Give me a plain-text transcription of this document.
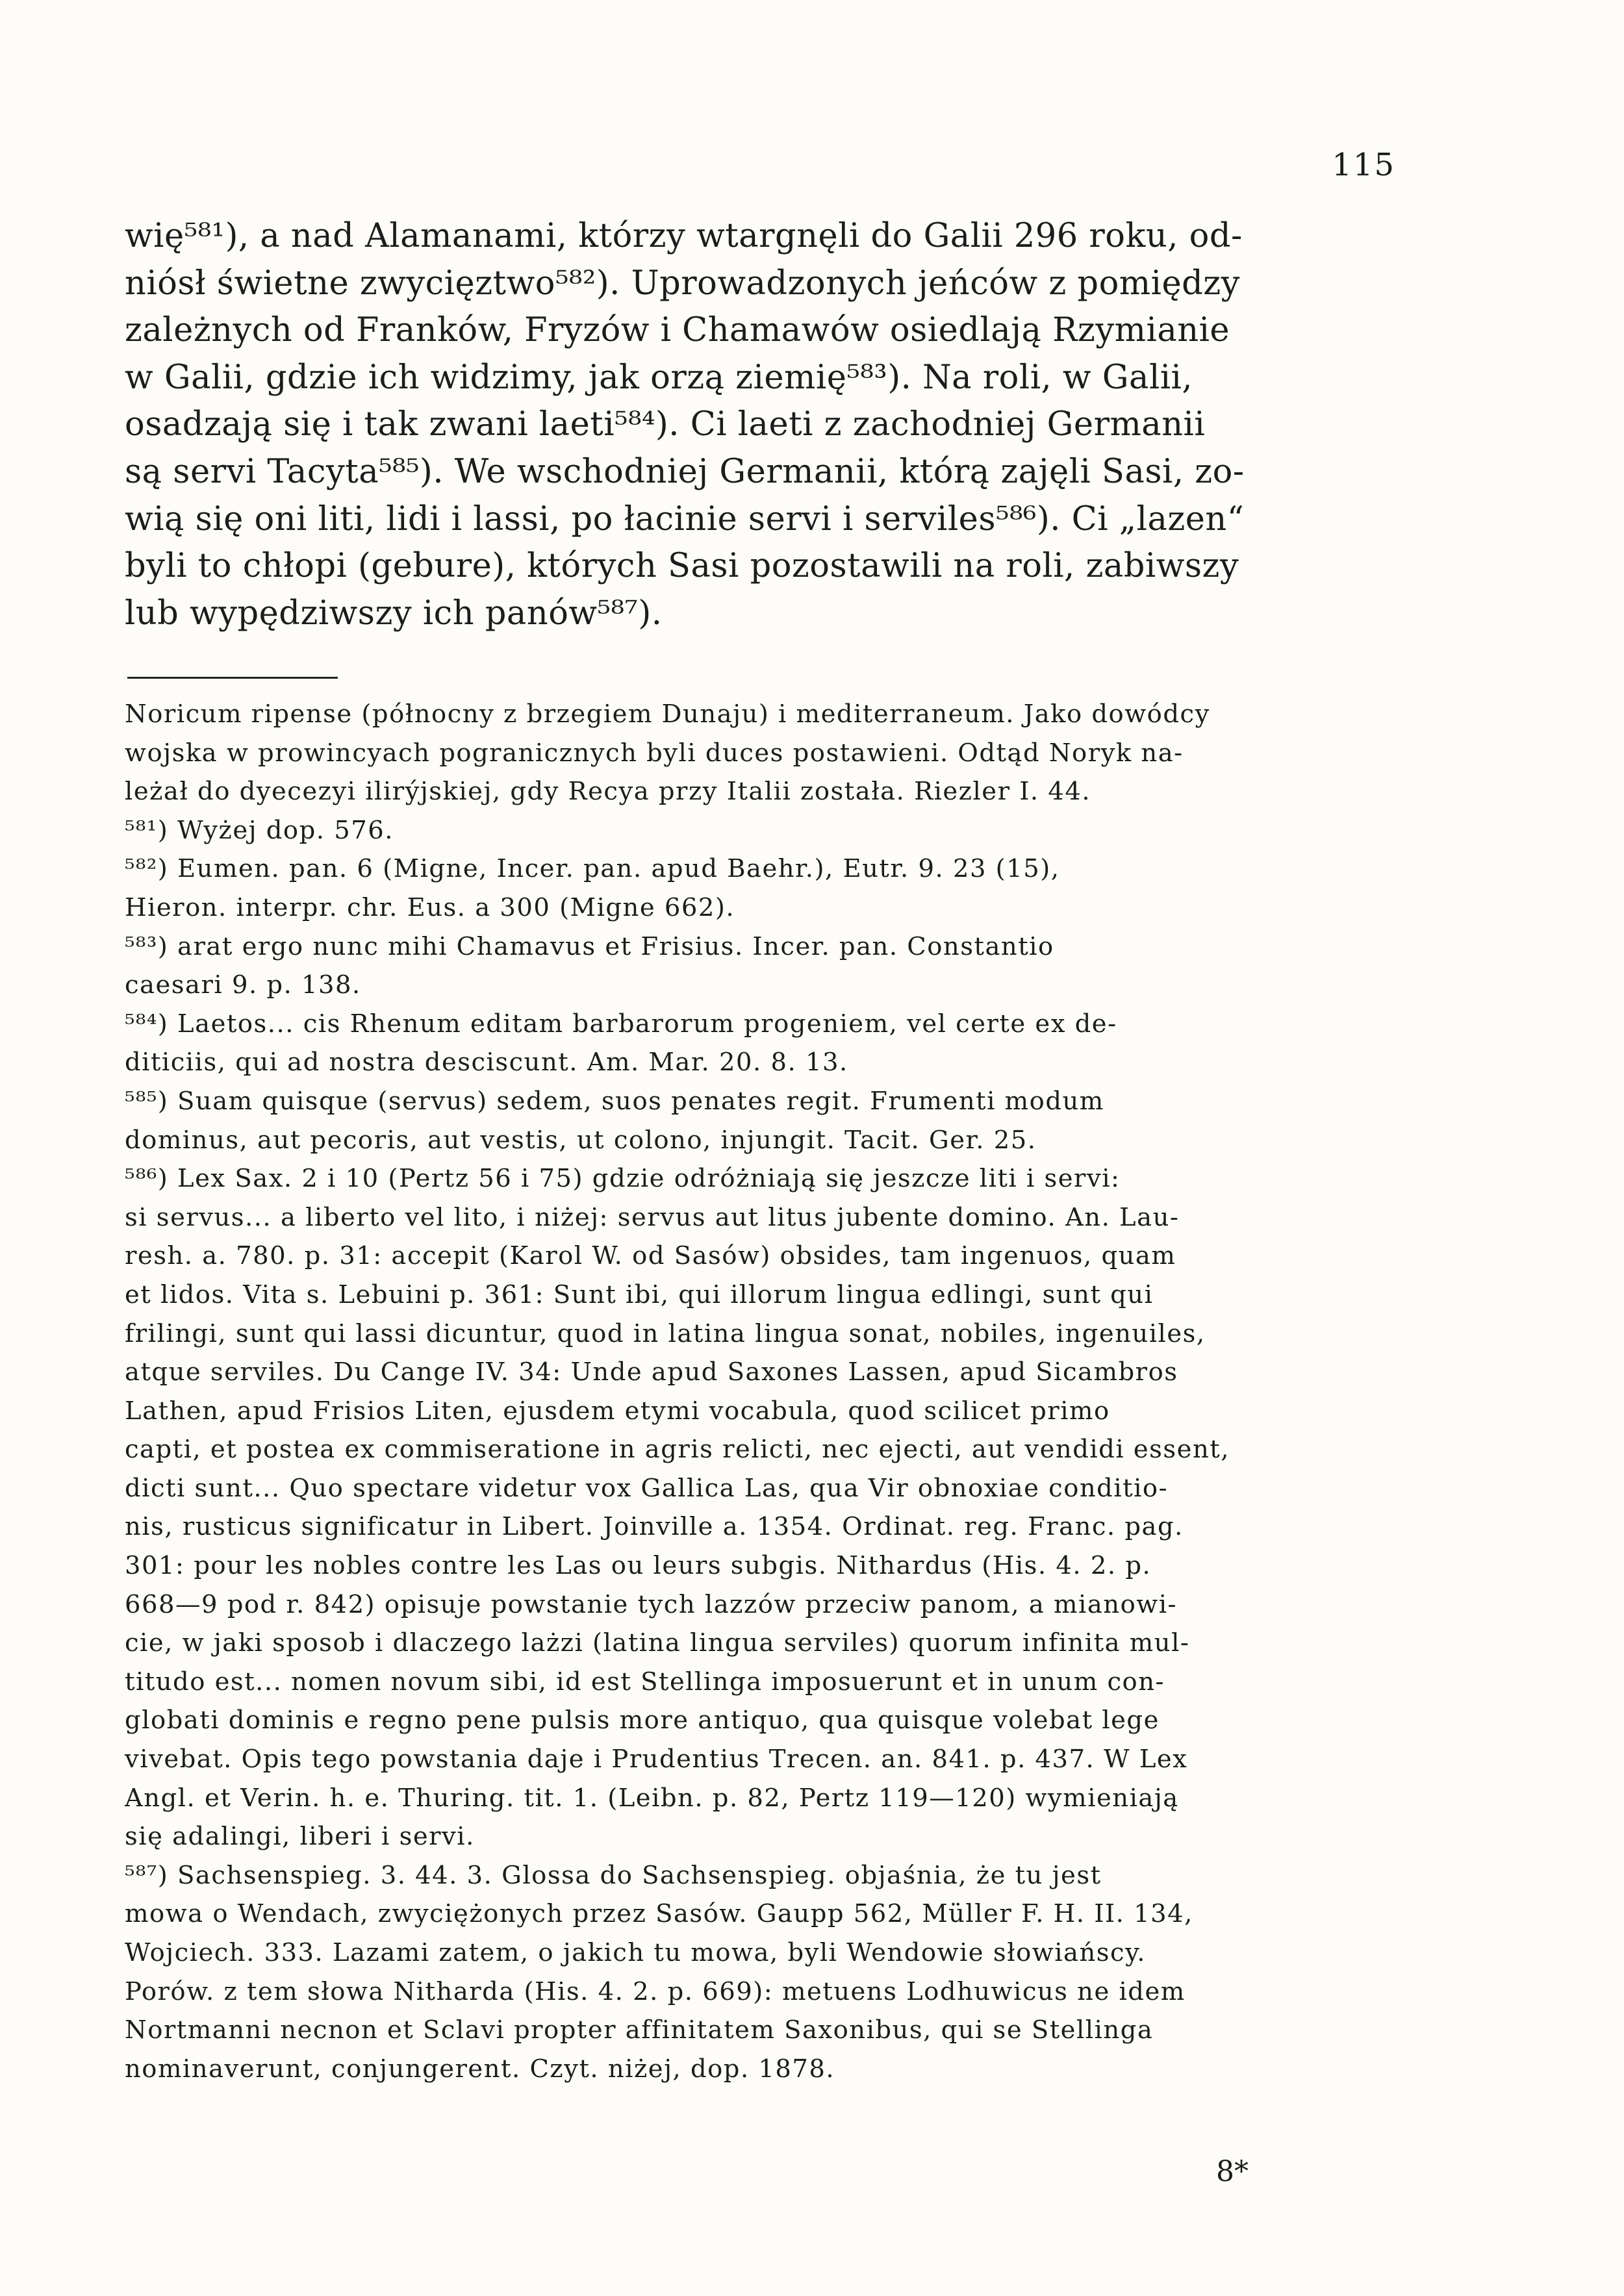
115
wię⁵⁸¹), a nad Alamanami, którzy wtargnęli do Galii 296 roku, od-
niósł świetne zwycięztwo⁵⁸²). Uprowadzonych jeńców z pomiędzy
zależnych od Franków, Fryzów i Chamawów osiedlają Rzymianie
w Galii, gdzie ich widzimy, jak orzą ziemię⁵⁸³). Na roli, w Galii,
osadzają się i tak zwani laeti⁵⁸⁴). Ci laeti z zachodniej Germanii
są servi Tacyta⁵⁸⁵). We wschodniej Germanii, którą zajęli Sasi, zo-
wią się oni liti, lidi i lassi, po łacinie servi i serviles⁵⁸⁶). Ci „lazen“
byli to chłopi (gebure), których Sasi pozostawili na roli, zabiwszy
lub wypędziwszy ich panów⁵⁸⁷).
Noricum ripense (północny z brzegiem Dunaju) i mediterraneum. Jako dowódcy
wojska w prowincyach pogranicznych byli duces postawieni. Odtąd Noryk na-
leżał do dyecezyi ilirýjskiej, gdy Recya przy Italii została. Riezler I. 44.
⁵⁸¹) Wyżej dop. 576.
⁵⁸²) Eumen. pan. 6 (Migne, Incer. pan. apud Baehr.), Eutr. 9. 23 (15),
Hieron. interpr. chr. Eus. a 300 (Migne 662).
⁵⁸³) arat ergo nunc mihi Chamavus et Frisius. Incer. pan. Constantio
caesari 9. p. 138.
⁵⁸⁴) Laetos... cis Rhenum editam barbarorum progeniem, vel certe ex de-
diticiis, qui ad nostra desciscunt. Am. Mar. 20. 8. 13.
⁵⁸⁵) Suam quisque (servus) sedem, suos penates regit. Frumenti modum
dominus, aut pecoris, aut vestis, ut colono, injungit. Tacit. Ger. 25.
⁵⁸⁶) Lex Sax. 2 i 10 (Pertz 56 i 75) gdzie odróżniają się jeszcze liti i servi:
si servus... a liberto vel lito, i niżej: servus aut litus jubente domino. An. Lau-
resh. a. 780. p. 31: accepit (Karol W. od Sasów) obsides, tam ingenuos, quam
et lidos. Vita s. Lebuini p. 361: Sunt ibi, qui illorum lingua edlingi, sunt qui
frilingi, sunt qui lassi dicuntur, quod in latina lingua sonat, nobiles, ingenuiles,
atque serviles. Du Cange IV. 34: Unde apud Saxones Lassen, apud Sicambros
Lathen, apud Frisios Liten, ejusdem etymi vocabula, quod scilicet primo
capti, et postea ex commiseratione in agris relicti, nec ejecti, aut vendidi essent,
dicti sunt... Quo spectare videtur vox Gallica Las, qua Vir obnoxiae conditio-
nis, rusticus significatur in Libert. Joinville a. 1354. Ordinat. reg. Franc. pag.
301: pour les nobles contre les Las ou leurs subgis. Nithardus (His. 4. 2. p.
668—9 pod r. 842) opisuje powstanie tych lazzów przeciw panom, a mianowi-
cie, w jaki sposob i dlaczego lażzi (latina lingua serviles) quorum infinita mul-
titudo est... nomen novum sibi, id est Stellinga imposuerunt et in unum con-
globati dominis e regno pene pulsis more antiquo, qua quisque volebat lege
vivebat. Opis tego powstania daje i Prudentius Trecen. an. 841. p. 437. W Lex
Angl. et Verin. h. e. Thuring. tit. 1. (Leibn. p. 82, Pertz 119—120) wymieniają
się adalingi, liberi i servi.
⁵⁸⁷) Sachsenspieg. 3. 44. 3. Glossa do Sachsenspieg. objaśnia, że tu jest
mowa o Wendach, zwyciężonych przez Sasów. Gaupp 562, Müller F. H. II. 134,
Wojciech. 333. Lazami zatem, o jakich tu mowa, byli Wendowie słowiańscy.
Porów. z tem słowa Nitharda (His. 4. 2. p. 669): metuens Lodhuwicus ne idem
Nortmanni necnon et Sclavi propter affinitatem Saxonibus, qui se Stellinga
nominaverunt, conjungerent. Czyt. niżej, dop. 1878.
8*
